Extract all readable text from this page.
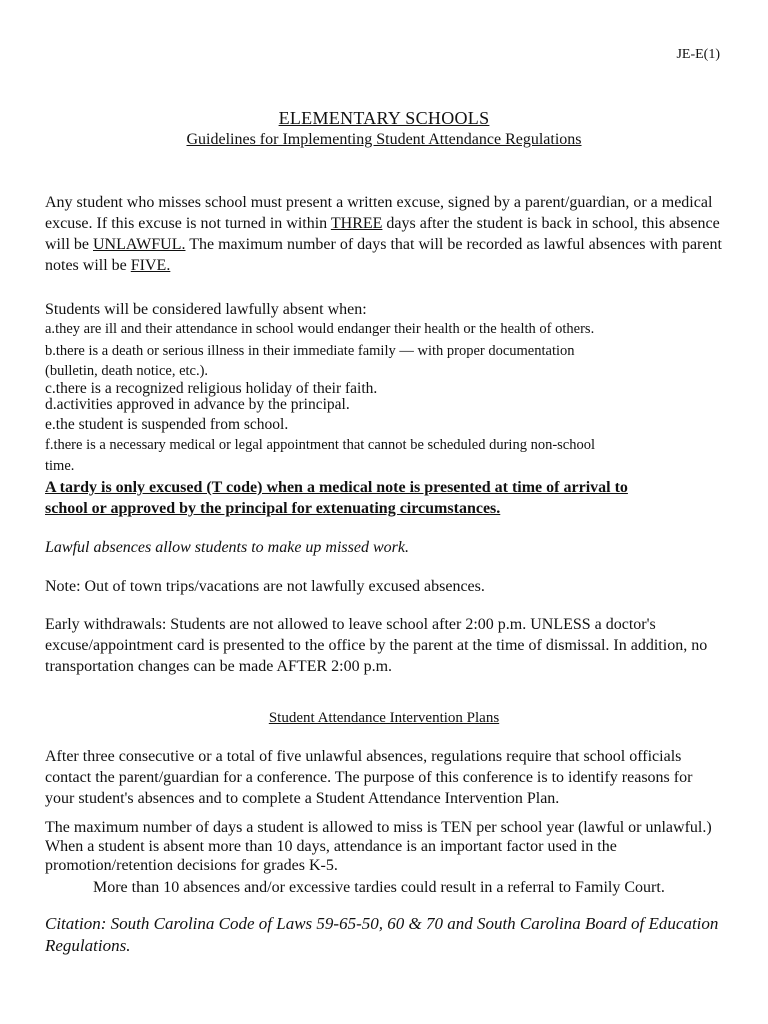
JE-E(1)
ELEMENTARY SCHOOLS
Guidelines for Implementing Student Attendance Regulations
Any student who misses school must present a written excuse, signed by a parent/guardian, or a medical excuse. If this excuse is not turned in within THREE days after the student is back in school, this absence will be UNLAWFUL. The maximum number of days that will be recorded as lawful absences with parent notes will be FIVE.
Students will be considered lawfully absent when:
a.they are ill and their attendance in school would endanger their health or the health of others.
b.there is a death or serious illness in their immediate family — with proper documentation
(bulletin, death notice, etc.).
c.there is a recognized religious holiday of their faith.
d.activities approved in advance by the principal.
e.the student is suspended from school.
f.there is a necessary medical or legal appointment that cannot be scheduled during non-school
time.
A tardy is only excused (T code) when a medical note is presented at time of arrival to
school or approved by the principal for extenuating circumstances.
Lawful absences allow students to make up missed work.
Note: Out of town trips/vacations are not lawfully excused absences.
Early withdrawals: Students are not allowed to leave school after 2:00 p.m. UNLESS a doctor's excuse/appointment card is presented to the office by the parent at the time of dismissal. In addition, no transportation changes can be made AFTER 2:00 p.m.
Student Attendance Intervention Plans
After three consecutive or a total of five unlawful absences, regulations require that school officials contact the parent/guardian for a conference. The purpose of this conference is to identify reasons for your student's absences and to complete a Student Attendance Intervention Plan.
The maximum number of days a student is allowed to miss is TEN per school year (lawful or unlawful.) When a student is absent more than 10 days, attendance is an important factor used in the promotion/retention decisions for grades K-5.
More than 10 absences and/or excessive tardies could result in a referral to Family Court.
Citation: South Carolina Code of Laws 59-65-50, 60 & 70 and South Carolina Board of Education Regulations.
